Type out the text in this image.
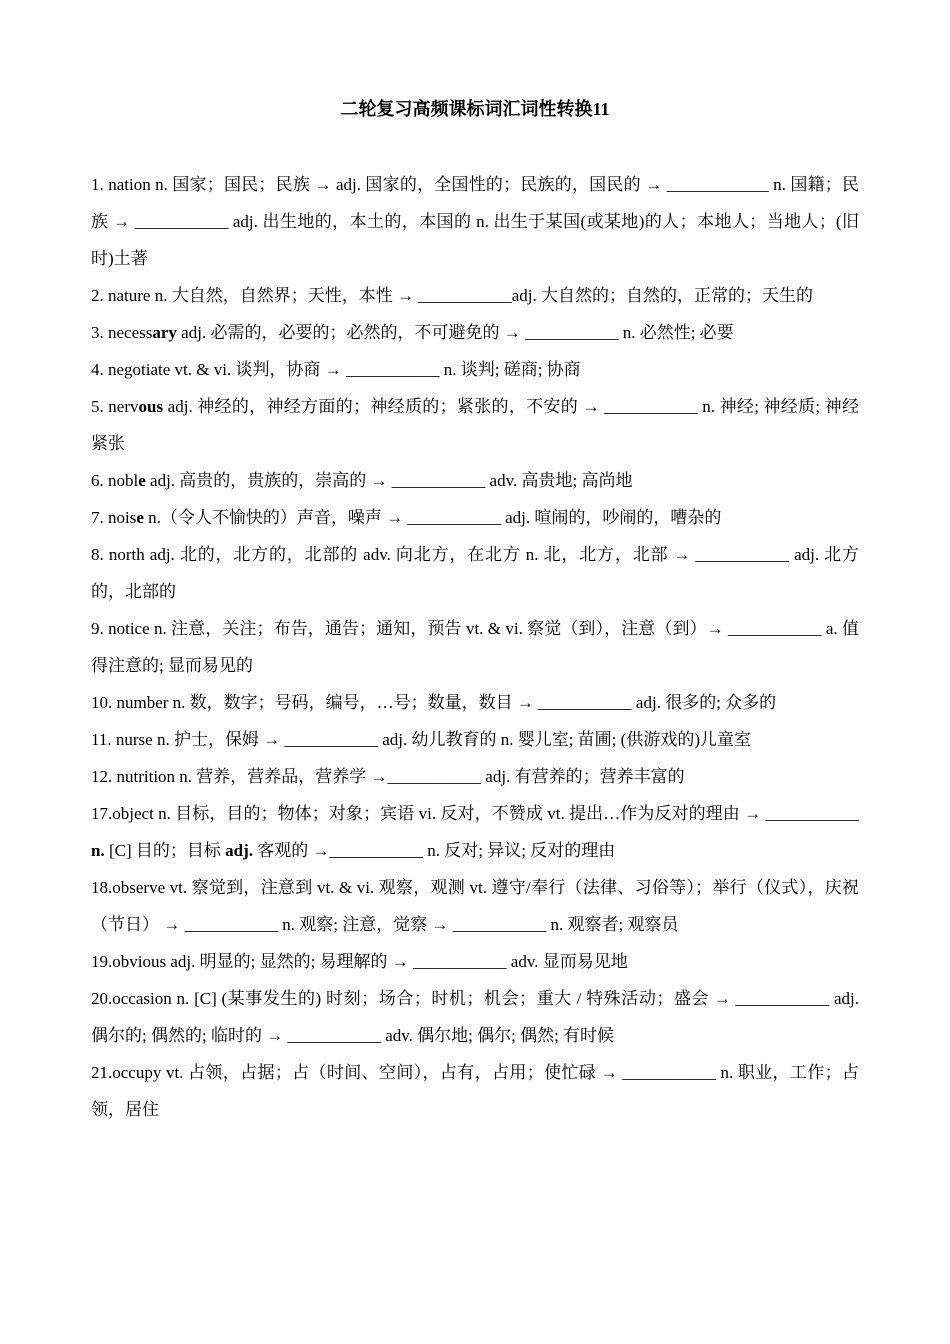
二轮复习高频课标词汇词性转换11

1. nation n. 国家；国民；民族 → adj. 国家的，全国性的；民族的，国民的 → ____________ n. 国籍；民族 → ___________ adj. 出生地的，本土的，本国的 n. 出生于某国(或某地)的人；本地人；当地人；(旧时)土著

2. nature n. 大自然，自然界；天性，本性 → ___________adj. 大自然的；自然的，正常的；天生的

3. necessary adj. 必需的，必要的；必然的，不可避免的 → ___________ n. 必然性; 必要

4. negotiate vt. & vi. 谈判，协商 → ___________ n. 谈判; 磋商; 协商

5. nervous adj. 神经的，神经方面的；神经质的；紧张的，不安的 → ___________ n. 神经; 神经质; 神经紧张

6. noble adj. 高贵的，贵族的，崇高的 → ___________ adv. 高贵地; 高尚地

7. noise n.（令人不愉快的）声音，噪声 → ___________ adj. 喧闹的，吵闹的，嘈杂的

8. north adj. 北的，北方的，北部的 adv. 向北方，在北方 n. 北，北方，北部 → ___________ adj. 北方的，北部的

9. notice n. 注意，关注；布告，通告；通知，预告 vt. & vi. 察觉（到），注意（到）→ ___________ a. 值得注意的; 显而易见的

10. number n. 数，数字；号码，编号，…号；数量，数目 → ___________ adj. 很多的; 众多的

11. nurse n. 护士，保姆 → ___________ adj. 幼儿教育的 n. 婴儿室; 苗圃; (供游戏的)儿童室

12. nutrition n. 营养，营养品，营养学 →___________ adj. 有营养的；营养丰富的

17.object n. 目标，目的；物体；对象；宾语 vi. 反对，不赞成 vt. 提出…作为反对的理由 → ___________ n. [C] 目的；目标 adj. 客观的 →___________ n. 反对; 异议; 反对的理由

18.observe vt. 察觉到，注意到 vt. & vi. 观察，观测 vt. 遵守/奉行（法律、习俗等）；举行（仪式），庆祝（节日） → ___________ n. 观察; 注意，觉察 → ___________ n. 观察者; 观察员

19.obvious adj. 明显的; 显然的; 易理解的 → ___________ adv. 显而易见地

20.occasion n. [C] (某事发生的) 时刻；场合；时机；机会；重大 / 特殊活动；盛会 → ___________ adj. 偶尔的; 偶然的; 临时的 → ___________ adv. 偶尔地; 偶尔; 偶然; 有时候

21.occupy vt. 占领，占据；占（时间、空间），占有，占用；使忙碌 → ___________ n. 职业，工作；占领，居住
